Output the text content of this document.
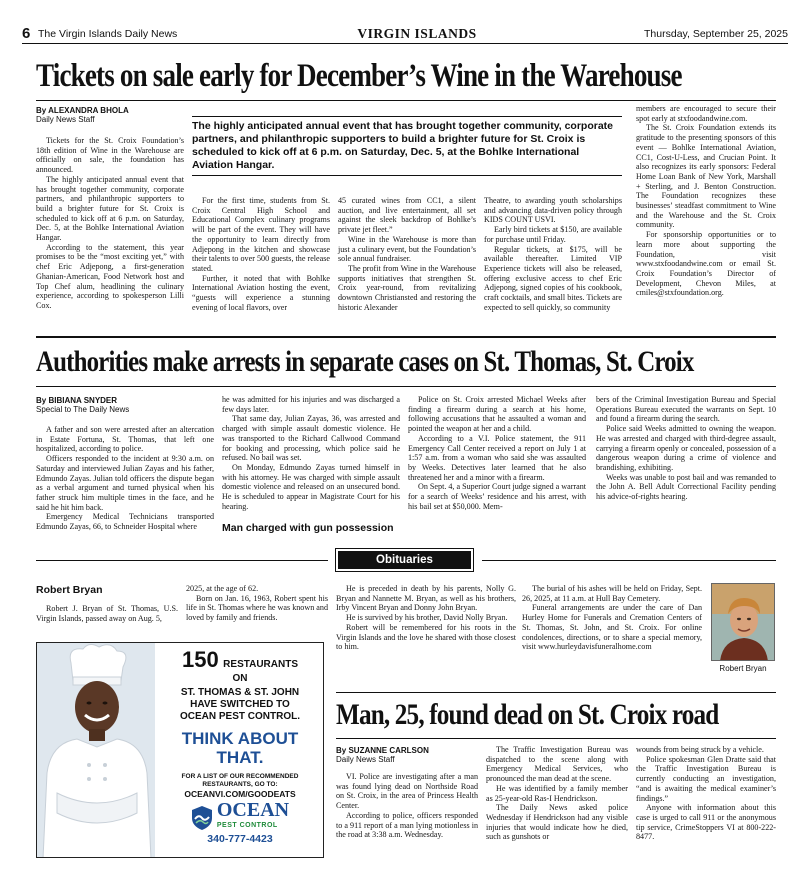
6 The Virgin Islands Daily News	VIRGIN ISLANDS	Thursday, September 25, 2025
Tickets on sale early for December’s Wine in the Warehouse
By ALEXANDRA BHOLA
Daily News Staff
The highly anticipated annual event that has brought together community, corporate partners, and philanthropic supporters to build a brighter future for St. Croix is scheduled to kick off at 6 p.m. on Saturday, Dec. 5, at the Bohlke International Aviation Hangar.

Tickets for the St. Croix Foundation’s 18th edition of Wine in the Warehouse are officially on sale, the foundation has announced.

The highly anticipated annual event that has brought together community, corporate partners, and philanthropic supporters to build a brighter future for St. Croix is scheduled to kick off at 6 p.m. on Saturday, Dec. 5, at the Bohlke International Aviation Hangar.

According to the statement, this year promises to be the “most exciting yet,” with chef Eric Adjepong, a first-generation Ghanian-American, Food Network host and Top Chef alum, headlining the culinary experience, according to spokesperson Lilli Cox.

For the first time, students from St. Croix Central High School and Educational Complex culinary programs will be part of the event. They will have the opportunity to learn directly from Adjepong in the kitchen and showcase their talents to over 500 guests, the release stated.

Further, it noted that with Bohlke International Aviation hosting the event, “guests will experience a stunning evening of local flavors, over

45 curated wines from CC1, a silent auction, and live entertainment, all set against the sleek backdrop of Bohlke’s private jet fleet.”

Wine in the Warehouse is more than just a culinary event, but the Foundation’s sole annual fundraiser.

The profit from Wine in the Warehouse supports initiatives that strengthen St. Croix year-round, from revitalizing downtown Christiansted and restoring the historic Alexander

Theatre, to awarding youth scholarships and advancing data-driven policy through KIDS COUNT USVI.

Early bird tickets at $150, are available for purchase until Friday.

Regular tickets, at $175, will be available thereafter. Limited VIP Experience tickets will also be released, offering exclusive access to chef Eric Adjepong, signed copies of his cookbook, craft cocktails, and small bites. Tickets are expected to sell quickly, so community

members are encouraged to secure their spot early at stxfoodandwine.com.

The St. Croix Foundation extends its gratitude to the presenting sponsors of this event — Bohlke International Aviation, CC1, Cost-U-Less, and Crucian Point. It also recognizes its early sponsors: Federal Home Loan Bank of New York, Marshall + Sterling, and J. Benton Construction. The Foundation recognizes these businesses’ steadfast commitment to Wine and the Warehouse and the St. Croix community.

For sponsorship opportunities or to learn more about supporting the Foundation, visit www.stxfoodandwine.com or email St. Croix Foundation’s Director of Development, Chevon Miles, at cmiles@stxfoundation.org.

Authorities make arrests in separate cases on St. Thomas, St. Croix
By BIBIANA SNYDER
Special to The Daily News

A father and son were arrested after an altercation in Estate Fortuna, St. Thomas, that left one hospitalized, according to police.

Officers responded to the incident at 9:30 a.m. on Saturday and interviewed Julian Zayas and his father, Edmundo Zayas. Julian told officers the dispute began as a verbal argument and turned physical when his father struck him multiple times in the face, and he said he hit him back.

Emergency Medical Technicians transported Edmundo Zayas, 66, to Schneider Hospital where

he was admitted for his injuries and was discharged a few days later.

That same day, Julian Zayas, 36, was arrested and charged with simple assault domestic violence. He was transported to the Richard Callwood Command for booking and processing, which police said he refused. No bail was set.

On Monday, Edmundo Zayas turned himself in with his attorney. He was charged with simple assault domestic violence and released on an unsecured bond. He is scheduled to appear in Magistrate Court for his hearing.

Man charged with gun possession

Police on St. Croix arrested Michael Weeks after finding a firearm during a search at his home, following accusations that he assaulted a woman and pointed the weapon at her and a child.

According to a V.I. Police statement, the 911 Emergency Call Center received a report on July 1 at 1:57 a.m. from a woman who said she was assaulted by Weeks. Detectives later learned that he also threatened her and a minor with a firearm.

On Sept. 4, a Superior Court judge signed a warrant for a search of Weeks’ residence and his arrest, with his bail set at $50,000. Mem-

bers of the Criminal Investigation Bureau and Special Operations Bureau executed the warrants on Sept. 10 and found a firearm during the search.

Police said Weeks admitted to owning the weapon. He was arrested and charged with third-degree assault, carrying a firearm openly or concealed, possession of a dangerous weapon during a crime of violence and brandishing, exhibiting.

Weeks was unable to post bail and was remanded to the John A. Bell Adult Correctional Facility pending his advice-of-rights hearing.

Obituaries
Robert Bryan

Robert J. Bryan of St. Thomas, U.S. Virgin Islands, passed away on Aug. 5,

2025, at the age of 62.

Born on Jan. 16, 1963, Robert spent his life in St. Thomas where he was known and loved by family and friends.

He is preceded in death by his parents, Nolly G. Bryan and Nannette M. Bryan, as well as his brothers, Irby Vincent Bryan and Donny John Bryan.

He is survived by his brother, David Nolly Bryan.

Robert will be remembered for his roots in the Virgin Islands and the love he shared with those closest to him.

The burial of his ashes will be held on Friday, Sept. 26, 2025, at 11 a.m. at Hull Bay Cemetery.

Funeral arrangements are under the care of Dan Hurley Home for Funerals and Cremation Centers of St. Thomas, St. John, and St. Croix. For online condolences, directions, or to share a special memory, visit www.hurleydavisfuneralhome.com

Robert Bryan
150 RESTAURANTS
ON
ST. THOMAS & ST. JOHN
HAVE SWITCHED TO
OCEAN PEST CONTROL.
THINK ABOUT
THAT.
FOR A LIST OF OUR RECOMMENDED
RESTAURANTS, GO TO:
OCEANVI.COM/GOODEATS
OCEAN
PEST CONTROL
340-777-4423
Man, 25, found dead on St. Croix road
By SUZANNE CARLSON
Daily News Staff

VI. Police are investigating after a man was found lying dead on Northside Road on St. Croix, in the area of Princess Health Center.

According to police, officers responded to a 911 report of a man lying motionless in the road at 3:38 a.m. Wednesday.

The Traffic Investigation Bureau was dispatched to the scene along with Emergency Medical Services, who pronounced the man dead at the scene.

He was identified by a family member as 25-year-old Ras-I Hendrickson.

The Daily News asked police Wednesday if Hendrickson had any visible injuries that would indicate how he died, such as gunshots or

wounds from being struck by a vehicle.

Police spokesman Glen Dratte said that the Traffic Investigation Bureau is currently conducting an investigation, “and is awaiting the medical examiner’s findings.”

Anyone with information about this case is urged to call 911 or the anonymous tip service, CrimeStoppers VI at 800-222-8477.
